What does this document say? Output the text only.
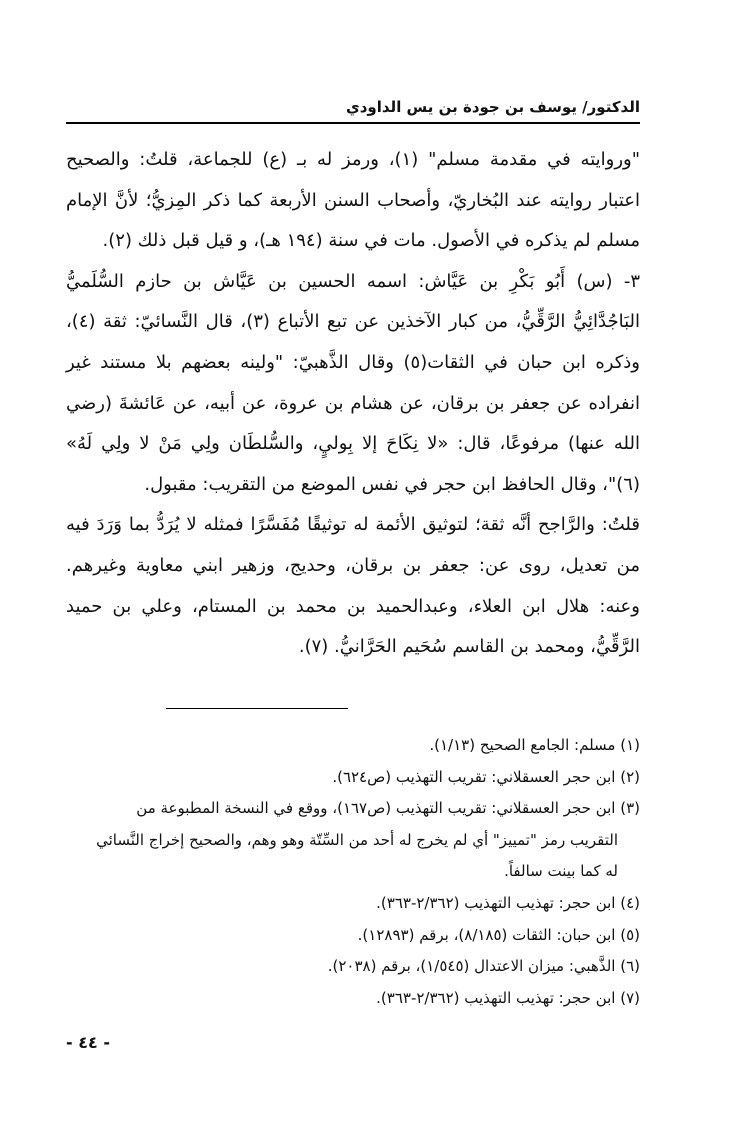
الدكتور/ يوسف بن جودة بن يس الداودي

"وروايته في مقدمة مسلم" (١)، ورمز له بـ (ع) للجماعة، قلتُ: والصحيح اعتبار روايته عند البُخاريّ، وأصحاب السنن الأربعة كما ذكر المِزيُّ؛ لأنَّ الإمام مسلم لم يذكره في الأصول. مات في سنة (١٩٤ هـ)، و قيل قبل ذلك (٢).

٣- (س) أَبُو بَكْرِ بن عَيَّاش: اسمه الحسين بن عَيَّاش بن حازم السُّلَميُّ البَاجُدَّائِيُّ الرَّقِّيُّ، من كبار الآخذين عن تبع الأتباع (٣)، قال النَّسائيّ: ثقة (٤)، وذكره ابن حبان في الثقات(٥) وقال الذَّهبيّ: "ولينه بعضهم بلا مستند غير انفراده عن جعفر بن برقان، عن هشام بن عروة، عن أبيه، عن عَائشةَ (رضي الله عنها) مرفوعًا، قال: «لا نِكَاحَ إلا بِوليٍ، والسُّلطَان ولِي مَنْ لا ولِي لَهُ» (٦)"، وقال الحافظ ابن حجر في نفس الموضع من التقريب: مقبول.

قلتُ: والرَّاجح أنَّه ثقة؛ لتوثيق الأئمة له توثيقًا مُفَسَّرًا فمثله لا يُرَدُّ بما وَرَدَ فيه من تعديل، روى عن: جعفر بن برقان، وحديج، وزهير ابني معاوية وغيرهم. وعنه: هلال ابن العلاء، وعبدالحميد بن محمد بن المستام، وعلي بن حميد الرَّقِّيُّ، ومحمد بن القاسم سُحَيم الحَرَّانيُّ. (٧).

(١) مسلم: الجامع الصحيح (١/١٣).

(٢) ابن حجر العسقلاني: تقريب التهذيب (ص٦٢٤).

(٣) ابن حجر العسقلاني: تقريب التهذيب (ص١٦٧)، ووقع في النسخة المطبوعة من

التقريب رمز "تمييز" أي لم يخرج له أحد من السِّتّة وهو وهم، والصحيح إخراج النَّسائي

له كما بينت سالفاً.

(٤) ابن حجر: تهذيب التهذيب (٢/٣٦٢-٣٦٣).

(٥) ابن حبان: الثقات (٨/١٨٥)، برقم (١٢٨٩٣).

(٦) الذَّهبي: ميزان الاعتدال (١/٥٤٥)، برقم (٢٠٣٨).

(٧) ابن حجر: تهذيب التهذيب (٢/٣٦٢-٣٦٣).

- ٤٤ -
